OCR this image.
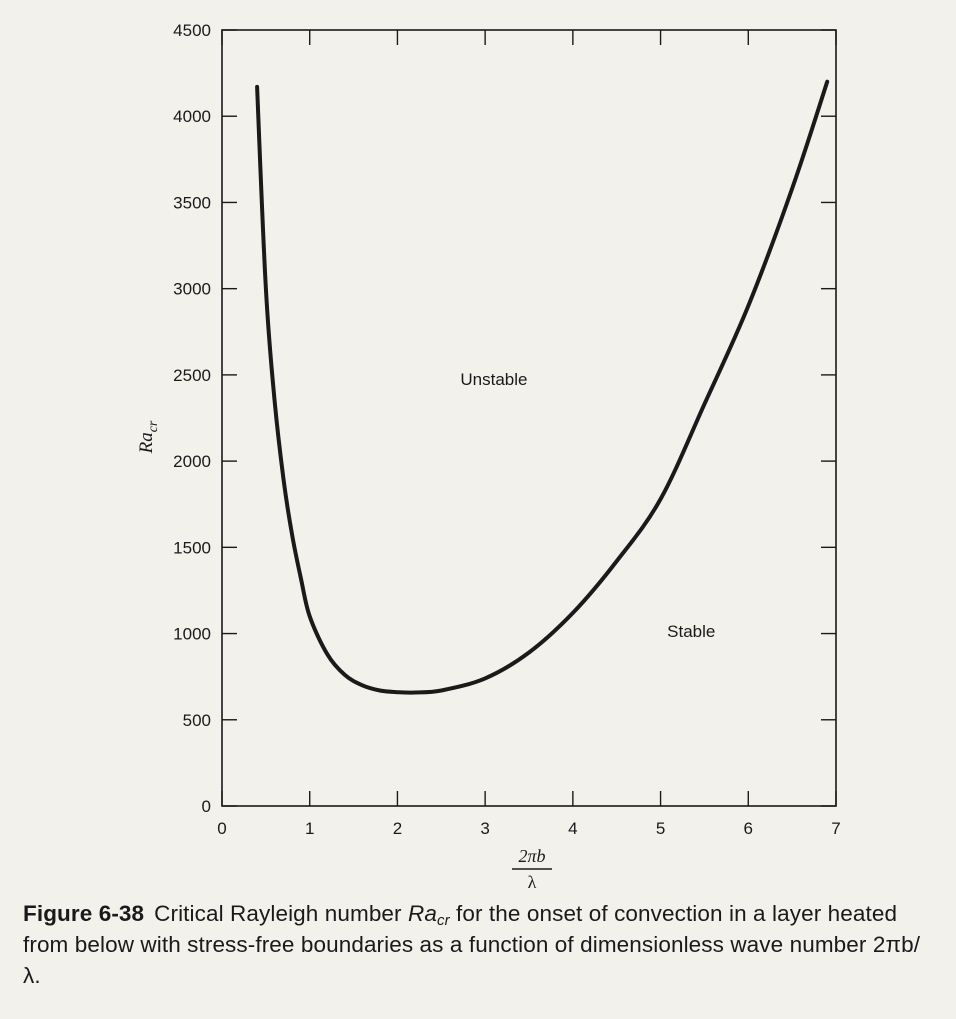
0	1	2	3	4	5	6	7
0
500
1000
1500
2000
2500
3000
3500
4000
4500
Unstable
Stable
2πb
λ
$Ra_{cr}$
Figure 6-38 Critical Rayleigh number $Ra_{cr}$ for the onset of convection in a layer heated from below with stress-free boundaries as a function of dimensionless wave number 2πb/λ.
